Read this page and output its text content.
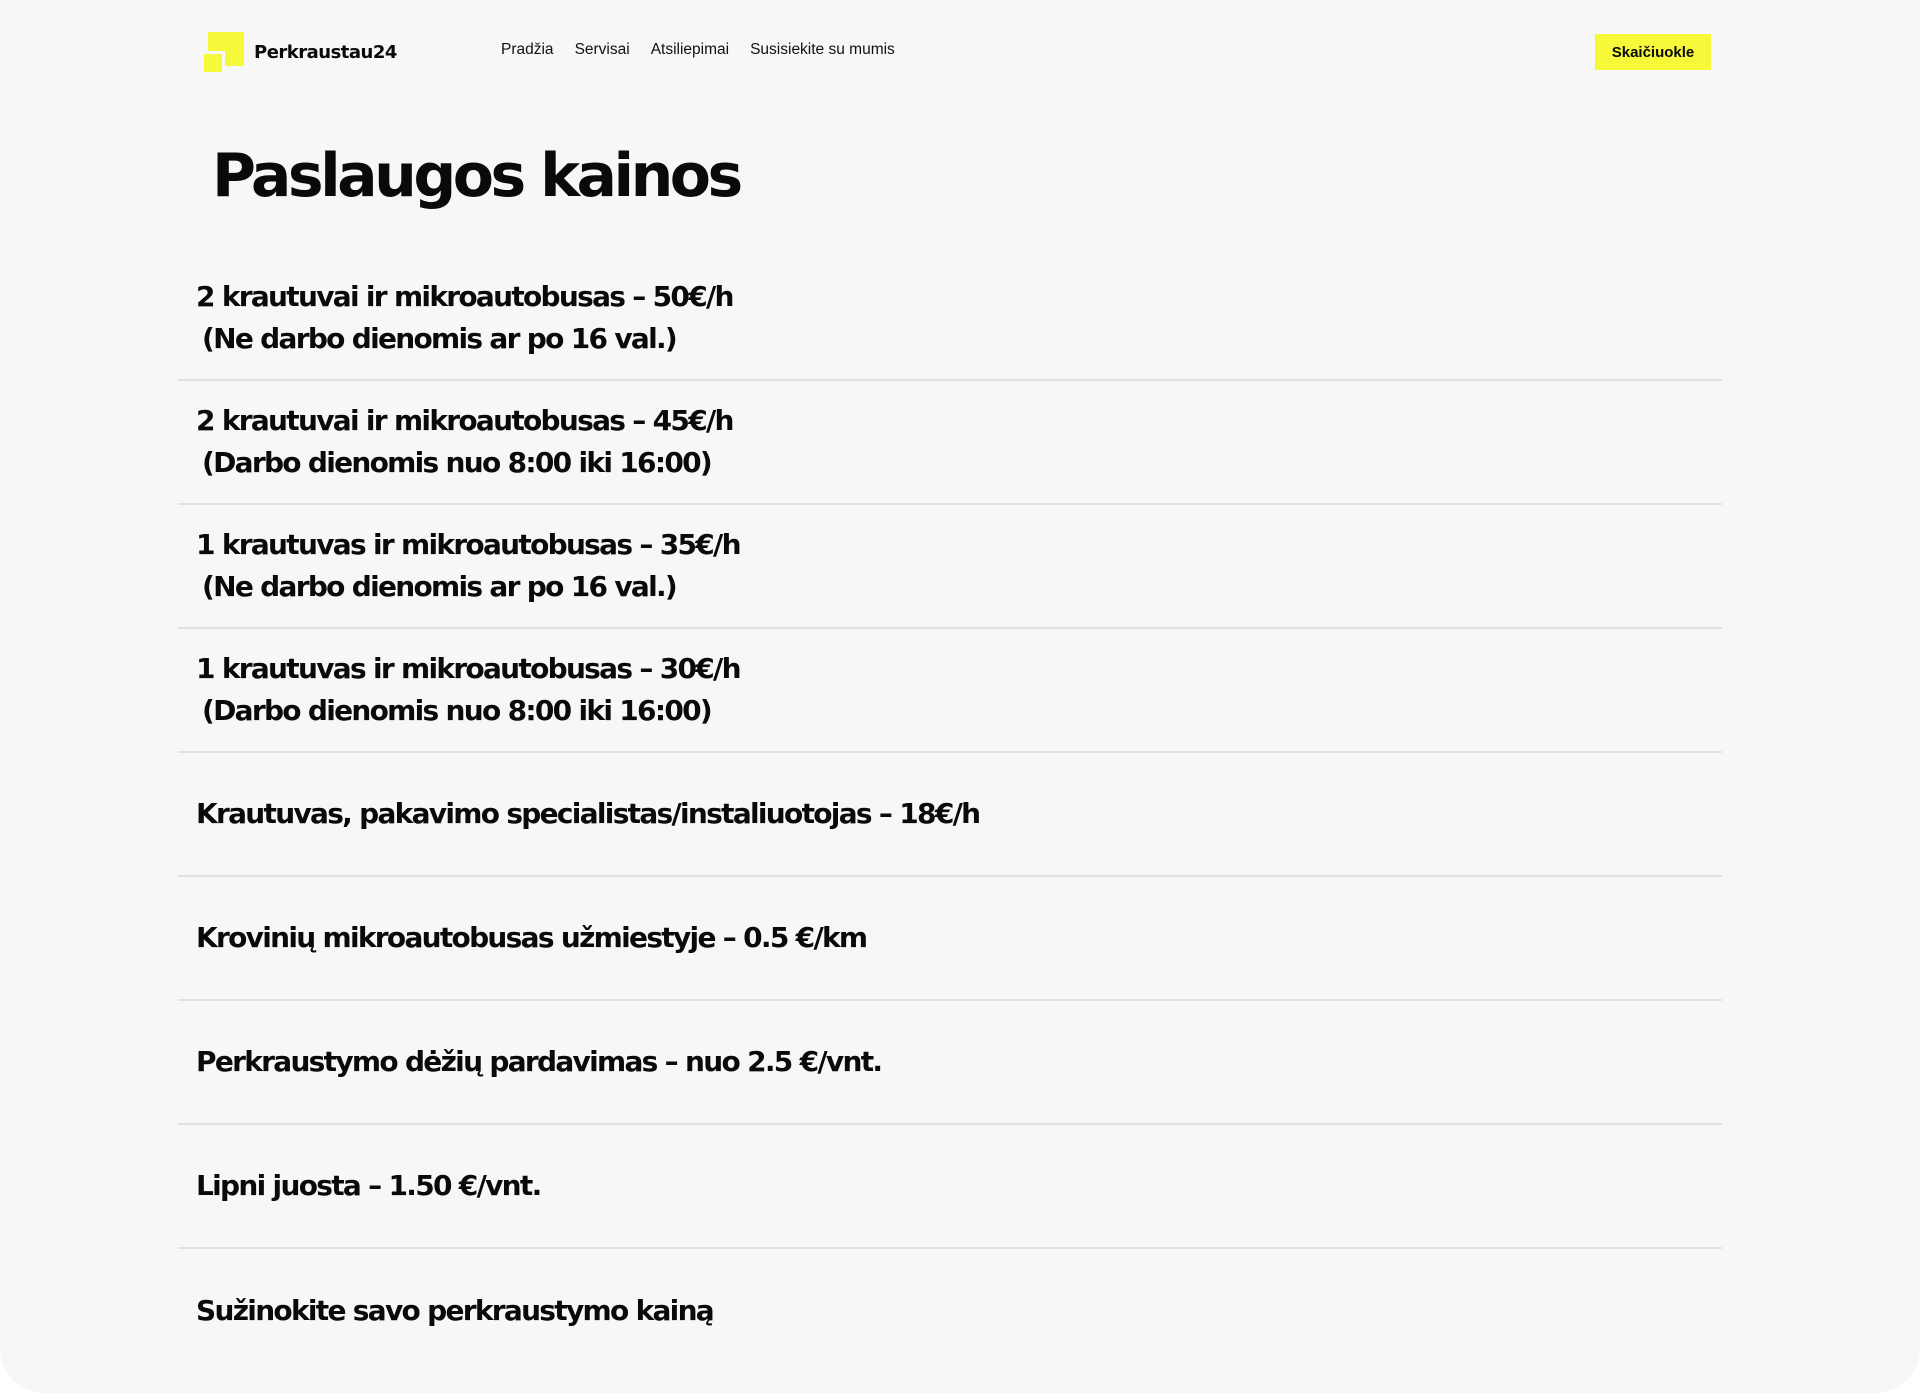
Perkraustau24	Pradžia Servisai Atsiliepimai Susisiekite su mumis	Skaičiuokle
Paslaugos kainos
2 krautuvai ir mikroautobusas – 50€/h
(Ne darbo dienomis ar po 16 val.)
2 krautuvai ir mikroautobusas – 45€/h
(Darbo dienomis nuo 8:00 iki 16:00)
1 krautuvas ir mikroautobusas – 35€/h
(Ne darbo dienomis ar po 16 val.)
1 krautuvas ir mikroautobusas – 30€/h
(Darbo dienomis nuo 8:00 iki 16:00)
Krautuvas, pakavimo specialistas/instaliuotojas – 18€/h
Krovinių mikroautobusas užmiestyje – 0.5 €/km
Perkraustymo dėžių pardavimas – nuo 2.5 €/vnt.
Lipni juosta – 1.50 €/vnt.
Sužinokite savo perkraustymo kainą
